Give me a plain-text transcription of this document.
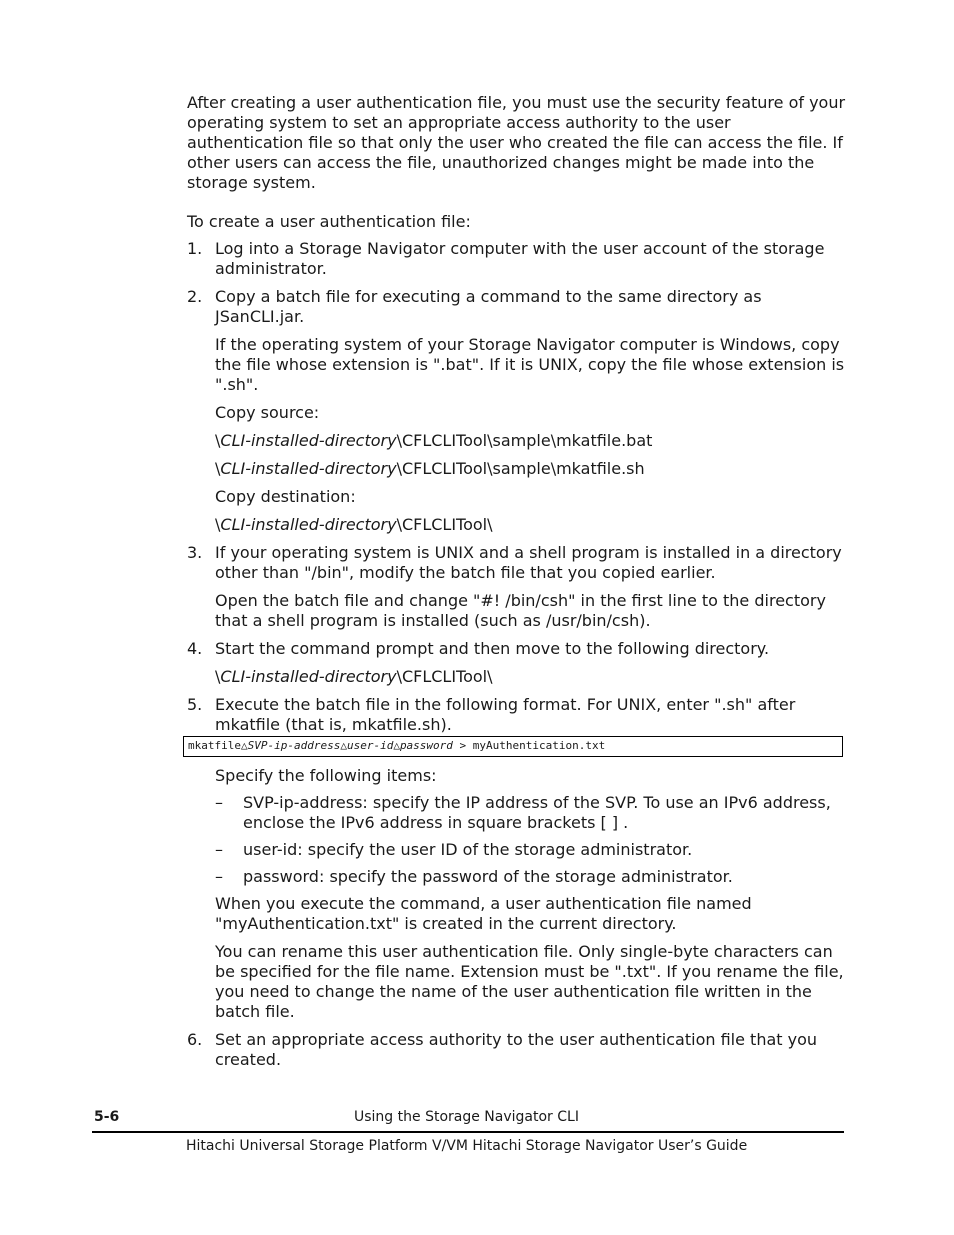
After creating a user authentication file, you must use the security feature of your operating system to set an appropriate access authority to the user authentication file so that only the user who created the file can access the file. If other users can access the file, unauthorized changes might be made into the storage system.

To create a user authentication file:

1. Log into a Storage Navigator computer with the user account of the storage administrator.

2. Copy a batch file for executing a command to the same directory as JSanCLI.jar.

If the operating system of your Storage Navigator computer is Windows, copy the file whose extension is ".bat". If it is UNIX, copy the file whose extension is ".sh".

Copy source:

\CLI-installed-directory\CFLCLITool\sample\mkatfile.bat

\CLI-installed-directory\CFLCLITool\sample\mkatfile.sh

Copy destination:

\CLI-installed-directory\CFLCLITool\

3. If your operating system is UNIX and a shell program is installed in a directory other than "/bin", modify the batch file that you copied earlier.

Open the batch file and change "#! /bin/csh" in the first line to the directory that a shell program is installed (such as /usr/bin/csh).

4. Start the command prompt and then move to the following directory.

\CLI-installed-directory\CFLCLITool\

5. Execute the batch file in the following format. For UNIX, enter ".sh" after mkatfile (that is, mkatfile.sh).

mkatfile△SVP-ip-address△user-id△password > myAuthentication.txt

Specify the following items:

– SVP-ip-address: specify the IP address of the SVP. To use an IPv6 address, enclose the IPv6 address in square brackets [ ] .

– user-id: specify the user ID of the storage administrator.

– password: specify the password of the storage administrator.

When you execute the command, a user authentication file named "myAuthentication.txt" is created in the current directory.

You can rename this user authentication file. Only single-byte characters can be specified for the file name. Extension must be ".txt". If you rename the file, you need to change the name of the user authentication file written in the batch file.

6. Set an appropriate access authority to the user authentication file that you created.

5-6	Using the Storage Navigator CLI
Hitachi Universal Storage Platform V/VM Hitachi Storage Navigator User’s Guide
